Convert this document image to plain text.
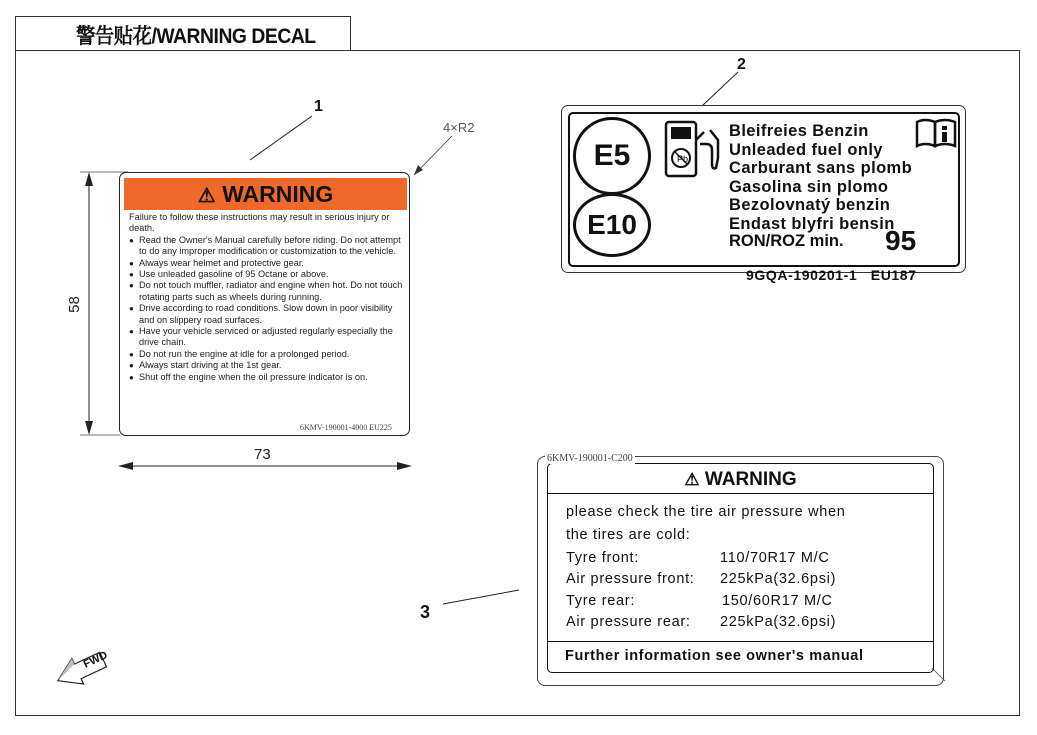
警告贴花/WARNING DECAL
FWD
1
2
3
4×R2
58
73
⚠ WARNING

Failure to follow these instructions may result in serious injury or death.

● Read the Owner's Manual carefully before riding. Do not attempt to do any improper modification or customization to the vehicle.
● Always wear helmet and protective gear.
● Use unleaded gasoline of 95 Octane or above.
● Do not touch muffler, radiator and engine when hot. Do not touch rotating parts such as wheels during running.
● Drive according to road conditions. Slow down in poor visibility and on slippery road surfaces.
● Have your vehicle serviced or adjusted regularly especially the drive chain.
● Do not run the engine at idle for a prolonged period.
● Always start driving at the 1st gear.
● Shut off the engine when the oil pressure indicator is on.
6KMV-190001-4000 EU225
E5
E10
Pb
Bleifreies Benzin
Unleaded fuel only
Carburant sans plomb
Gasolina sin plomo
Bezolovnatý benzin
Endast blyfri bensin
RON/ROZ min. 95
9GQA-190201-1   EU187
⚠ WARNING
6KMV-190001-C200
please check the tire air pressure when
the tires are cold:
Tyre front:	110/70R17 M/C
Air pressure front: 225kPa(32.6psi)
Tyre rear:	150/60R17 M/C
Air pressure rear: 225kPa(32.6psi)
Further information see owner's manual
